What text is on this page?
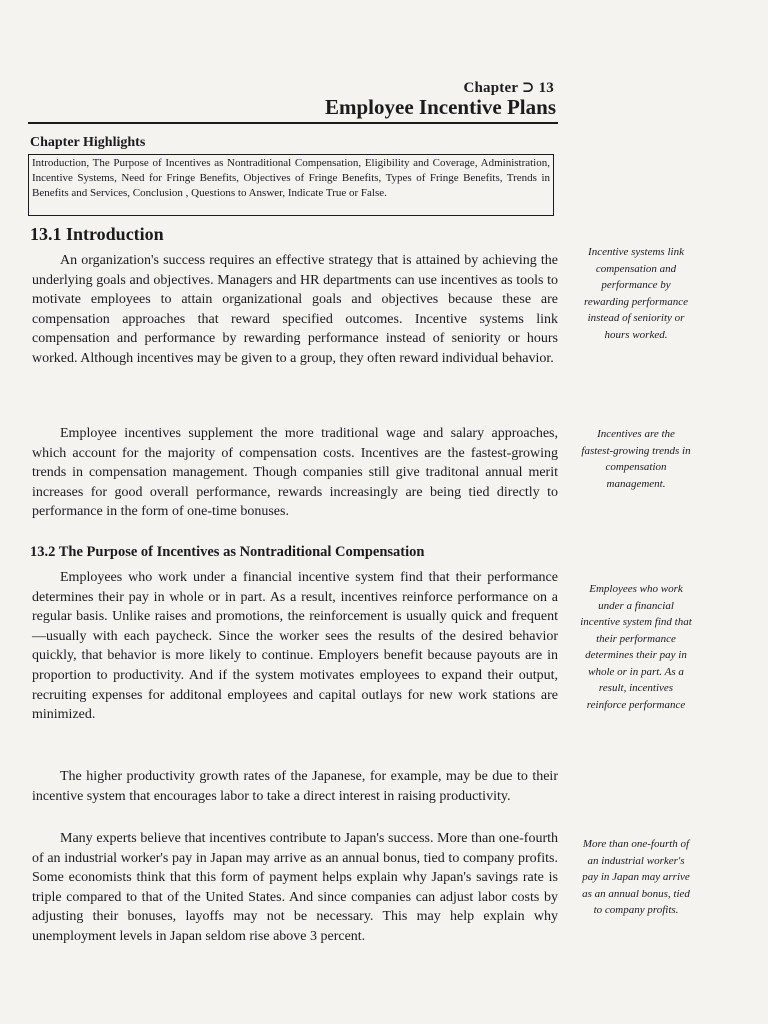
Chapter ⊃ 13
Employee Incentive Plans
Chapter Highlights
Introduction, The Purpose of Incentives as Nontraditional Compensation, Eligibility and Coverage, Administration, Incentive Systems, Need for Fringe Benefits, Objectives of Fringe Benefits, Types of Fringe Benefits, Trends in Benefits and Services, Conclusion , Questions to Answer, Indicate True or False.
13.1 Introduction
An organization's success requires an effective strategy that is attained by achieving the underlying goals and objectives. Managers and HR departments can use incentives as tools to motivate employees to attain organizational goals and objectives because these are compensation approaches that reward specified outcomes. Incentive systems link compensation and performance by rewarding performance instead of seniority or hours worked. Although incentives may be given to a group, they often reward individual behavior.
Employee incentives supplement the more traditional wage and salary approaches, which account for the majority of compensation costs. Incentives are the fastest-growing trends in compensation management. Though companies still give traditonal annual merit increases for good overall performance, rewards increasingly are being tied directly to performance in the form of one-time bonuses.
13.2 The Purpose of Incentives as Nontraditional Compensation
Employees who work under a financial incentive system find that their performance determines their pay in whole or in part. As a result, incentives reinforce performance on a regular basis. Unlike raises and promotions, the reinforcement is usually quick and frequent—usually with each paycheck. Since the worker sees the results of the desired behavior quickly, that behavior is more likely to continue. Employers benefit because payouts are in proportion to productivity. And if the system motivates employees to expand their output, recruiting expenses for additonal employees and capital outlays for new work stations are minimized.
The higher productivity growth rates of the Japanese, for example, may be due to their incentive system that encourages labor to take a direct interest in raising productivity.
Many experts believe that incentives contribute to Japan's success. More than one-fourth of an industrial worker's pay in Japan may arrive as an annual bonus, tied to company profits. Some economists think that this form of payment helps explain why Japan's savings rate is triple compared to that of the United States. And since companies can adjust labor costs by adjusting their bonuses, layoffs may not be necessary. This may help explain why unemployment levels in Japan seldom rise above 3 percent.
Incentive systems link compensation and performance by rewarding performance instead of seniority or hours worked.
Incentives are the fastest-growing trends in compensation management.
Employees who work under a financial incentive system find that their performance determines their pay in whole or in part. As a result, incentives reinforce performance
More than one-fourth of an industrial worker's pay in Japan may arrive as an annual bonus, tied to company profits.
